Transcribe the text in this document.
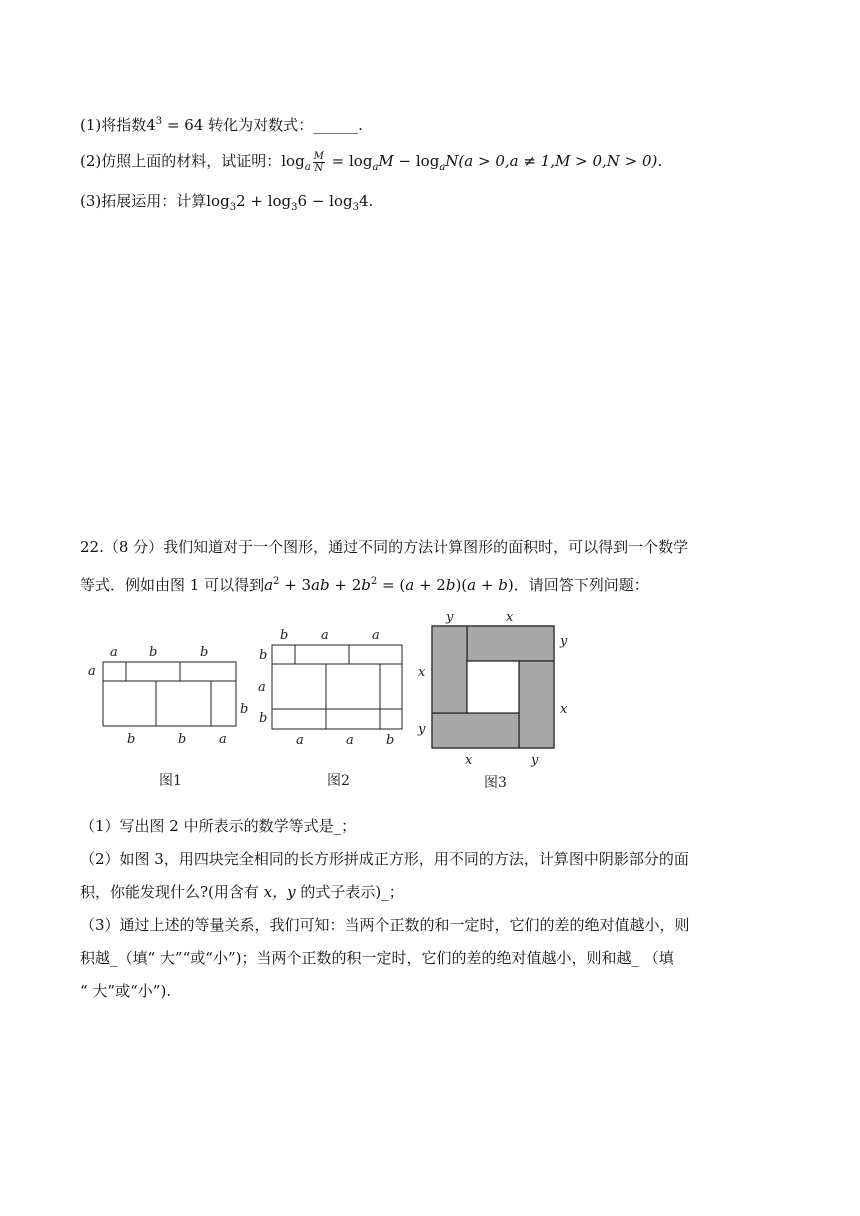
(1)将指数$4^3 = 64$ 转化为对数式：______.
(2)仿照上面的材料，试证明：$\log_a \frac{M}{N} = \log_aM - \log_aN(a > 0,a \ne 1,M > 0,N > 0)$.
(3)拓展运用：计算$\log_32 + \log_36 - \log_34$.
22.（8 分）我们知道对于一个图形，通过不同的方法计算图形的面积时，可以得到一个数学
等式．例如由图 1 可以得到$a^2 + 3ab + 2b^2 = (a + 2b)(a + b)$．请回答下列问题：
a b	b
a
b
b	b	a
图1
b	a	a
b
a
b
a	a b
图2
y	x
x
y
y
x
x	y
图3
（1）写出图 2 中所表示的数学等式是_；
（2）如图 3，用四块完全相同的长方形拼成正方形，用不同的方法，计算图中阴影部分的面
积，你能发现什么?(用含有 x，y 的式子表示)_；
（3）通过上述的等量关系，我们可知：当两个正数的和一定时，它们的差的绝对值越小，则
积越_（填“ 大”“或“小”)；当两个正数的积一定时，它们的差的绝对值越小，则和越_ （填
“ 大”或“小”).
